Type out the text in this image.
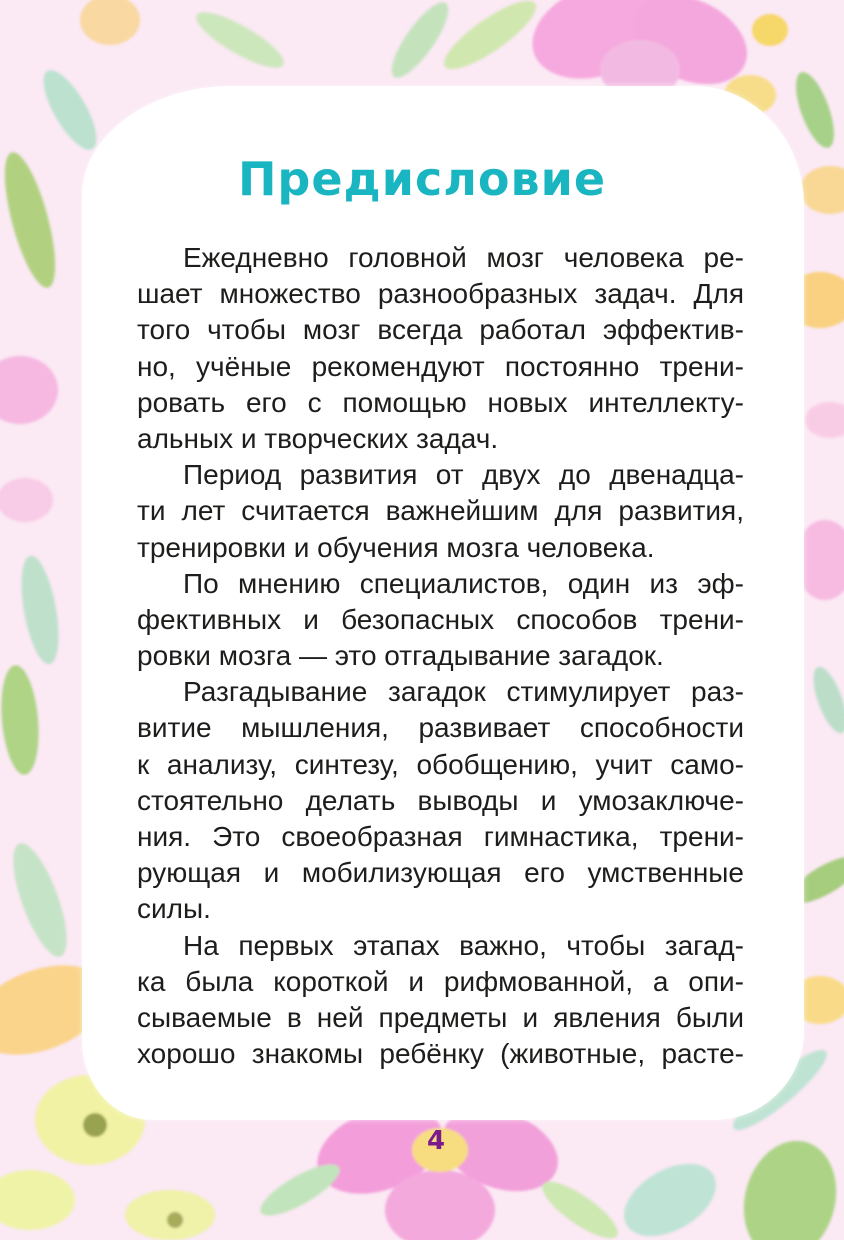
Предисловие
Ежедневно головной мозг человека ре-
шает множество разнообразных задач. Для
того чтобы мозг всегда работал эффектив-
но, учёные рекомендуют постоянно трени-
ровать его с помощью новых интеллекту-
альных и творческих задач.
Период развития от двух до двенадца-
ти лет считается важнейшим для развития,
тренировки и обучения мозга человека.
По мнению специалистов, один из эф-
фективных и безопасных способов трени-
ровки мозга — это отгадывание загадок.
Разгадывание загадок стимулирует раз-
витие мышления, развивает способности
к анализу, синтезу, обобщению, учит само-
стоятельно делать выводы и умозаключе-
ния. Это своеобразная гимнастика, трени-
рующая и мобилизующая его умственные
силы.
На первых этапах важно, чтобы загад-
ка была короткой и рифмованной, а опи-
сываемые в ней предметы и явления были
хорошо знакомы ребёнку (животные, расте-
4
